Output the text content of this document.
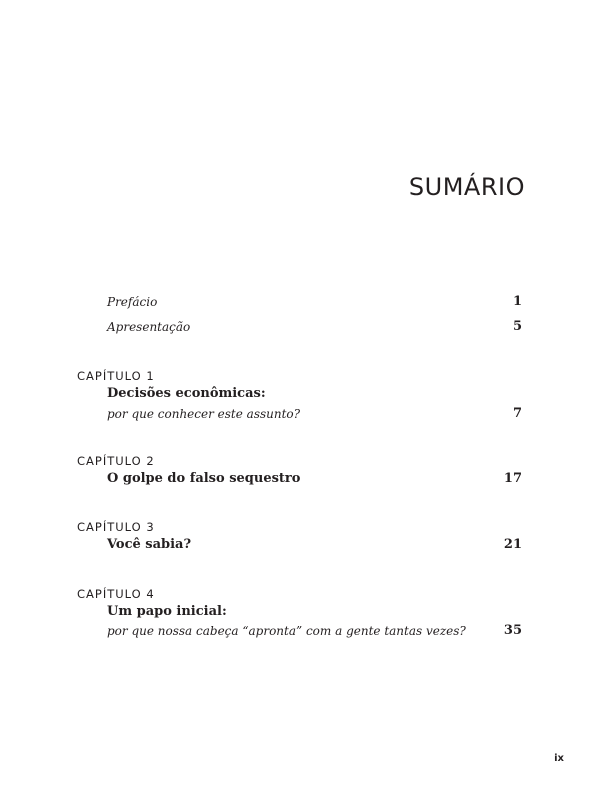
SUMÁRIO
Prefácio	1
Apresentação	5
CAPÍTULO 1
Decisões econômicas:
por que conhecer este assunto?	7
CAPÍTULO 2
O golpe do falso sequestro	17
CAPÍTULO 3
Você sabia?	21
CAPÍTULO 4
Um papo inicial:
por que nossa cabeça “apronta” com a gente tantas vezes?	35
ix
